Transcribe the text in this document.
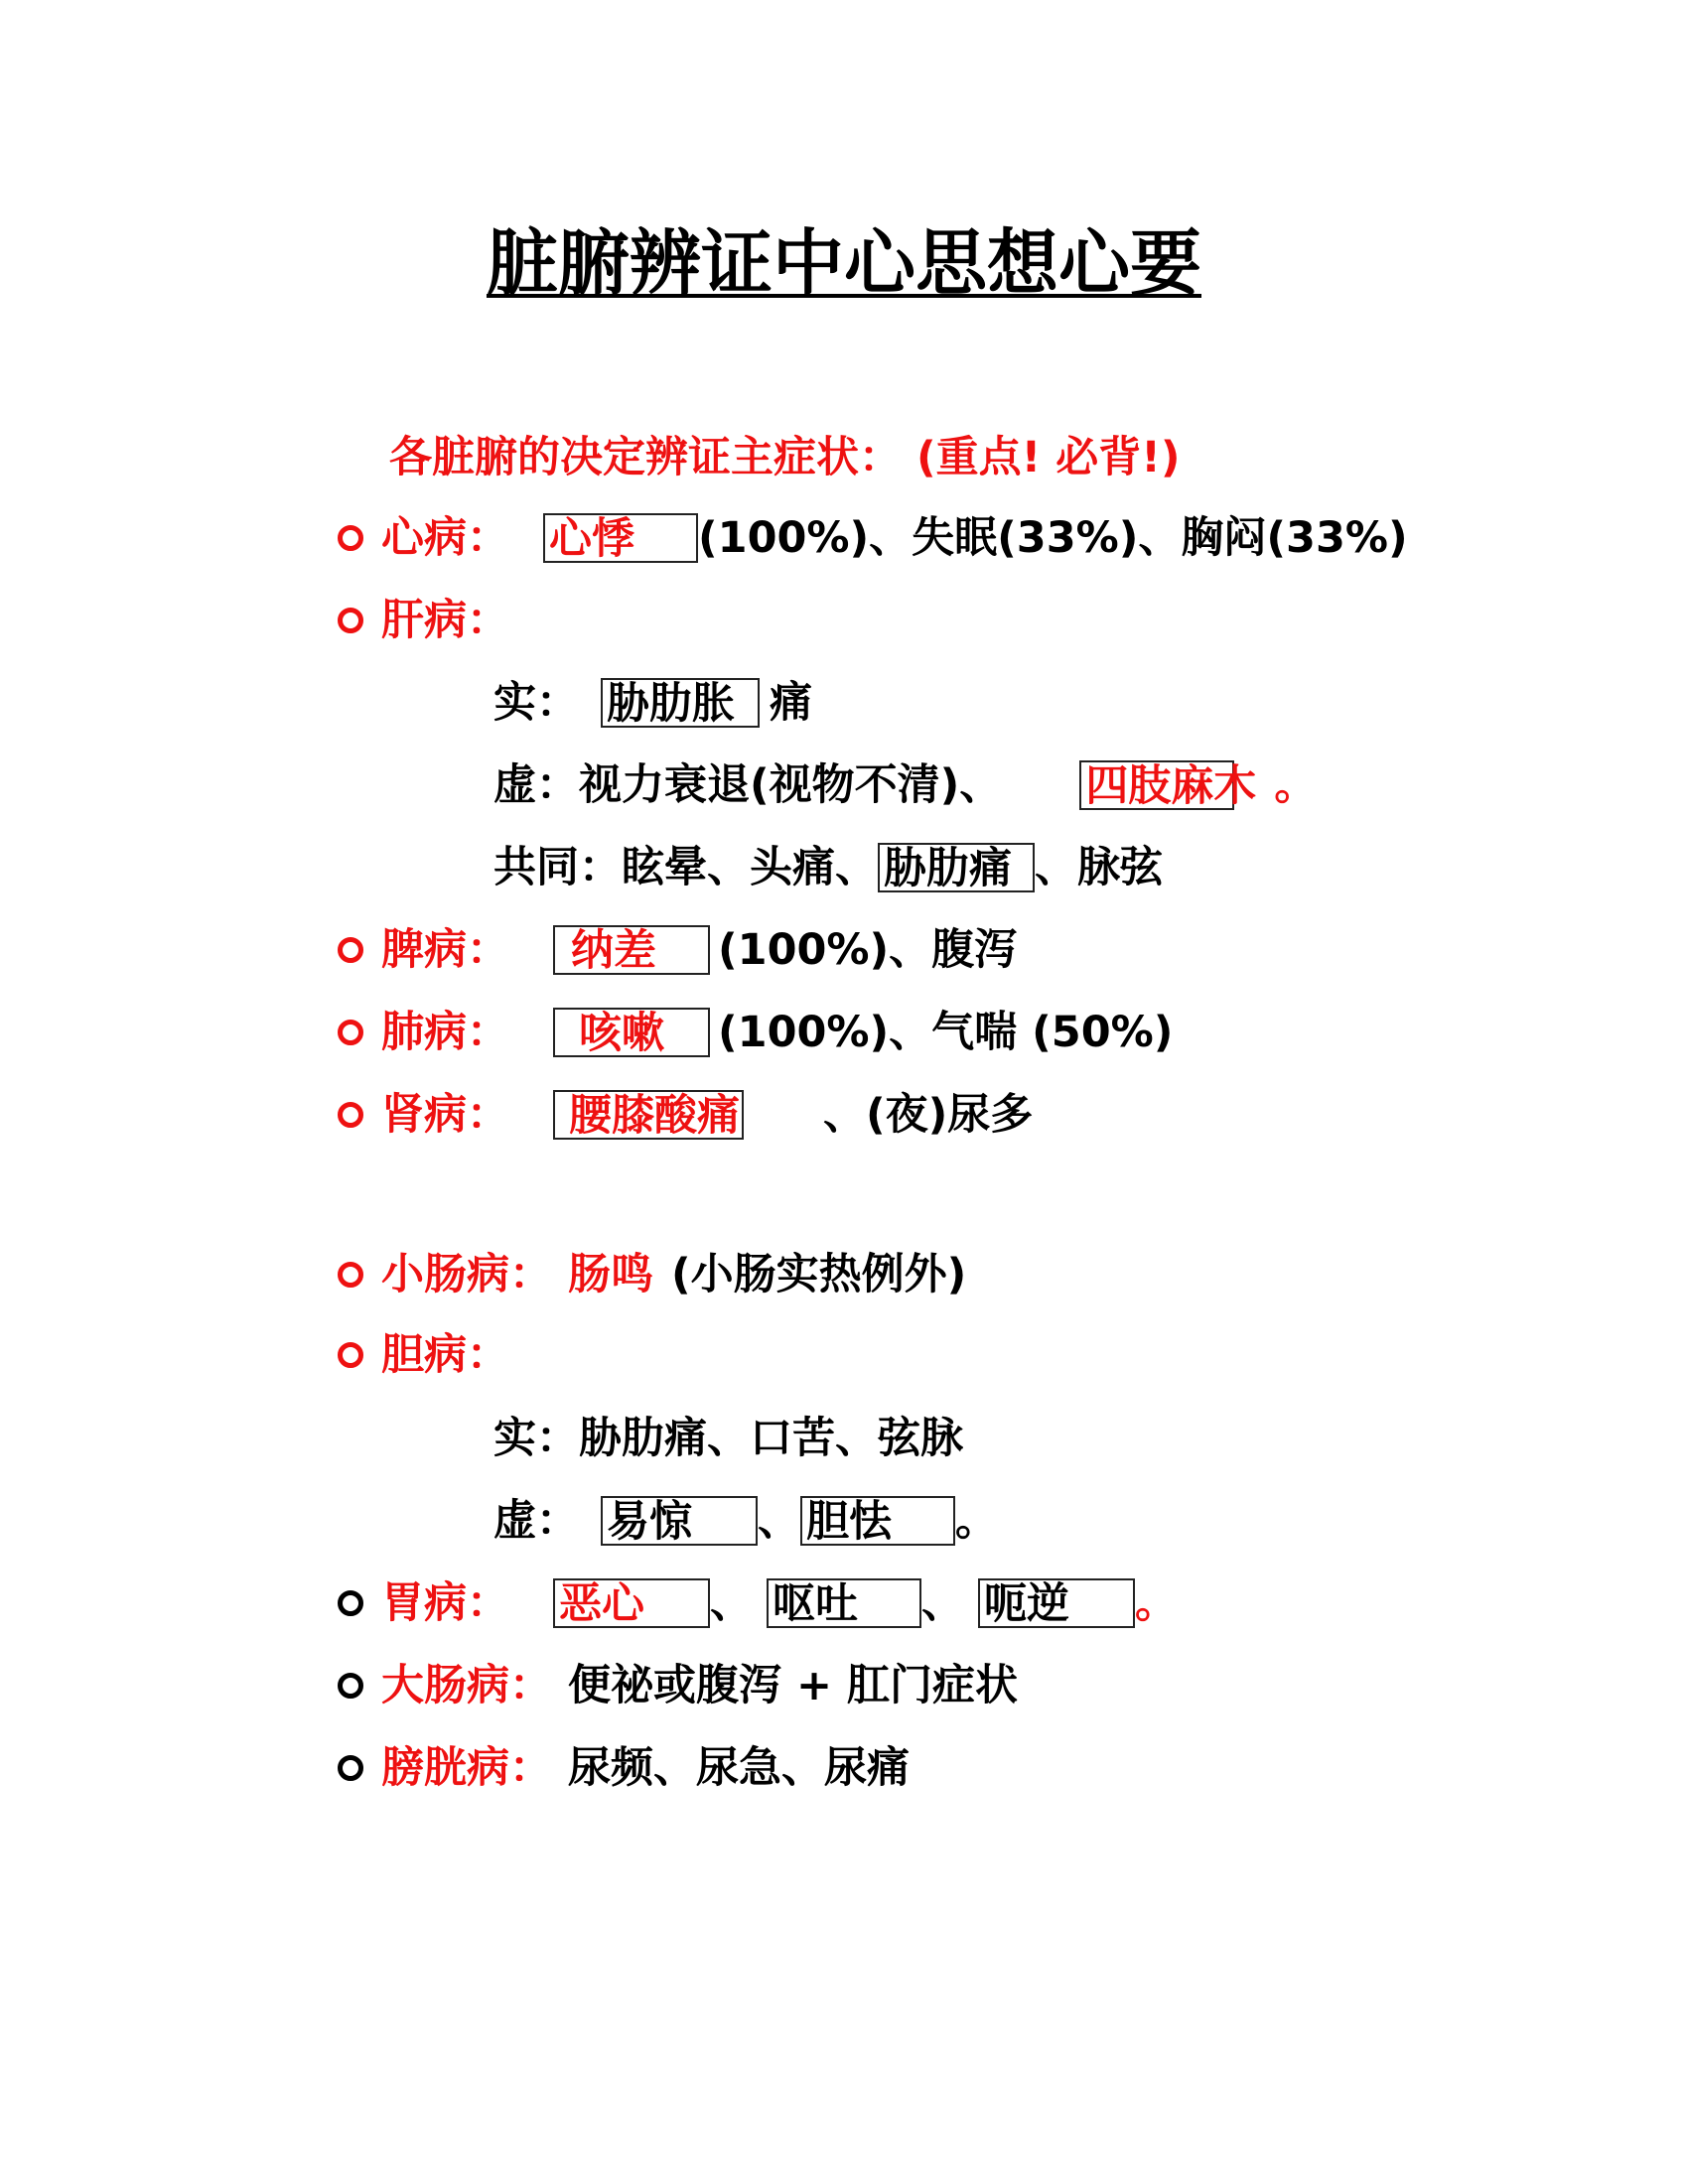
脏腑辨证中心思想心要
各脏腑的决定辨证主症状： (重点! 必背!)
心病： 心悸 (100%)、失眠(33%)、胸闷(33%)
肝病：
实： 胁肋胀 痛
虚：视力衰退(视物不清)、 四肢麻木 。
共同：眩晕、头痛、 胁肋痛 、脉弦
脾病： 纳差 (100%)、腹泻
肺病： 咳嗽 (100%)、气喘 (50%)
肾病： 腰膝酸痛 、(夜)尿多
小肠病： 肠鸣 (小肠实热例外)
胆病：
实：胁肋痛、口苦、弦脉
虚： 易惊 、 胆怯 。
胃病： 恶心 、 呕吐 、 呃逆 。
大肠病： 便祕或腹泻 + 肛门症状
膀胱病： 尿频、尿急、尿痛
